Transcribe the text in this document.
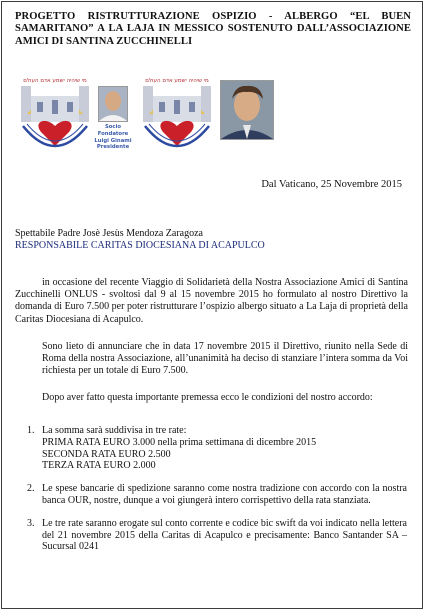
PROGETTO RISTRUTTURAZIONE OSPIZIO - ALBERGO “EL BUEN SAMARITANO” A LA LAJA IN MESSICO SOSTENUTO DALL’ASSOCIAZIONE AMICI DI SANTINA ZUCCHINELLI
מי שיהיה ישמע אדם העולם
Socio Fondatore
Luigi Ginami
Presidente
מי שיהיה ישמע אדם העולם
Dal Vaticano, 25 Novembre 2015
Spettabile Padre Josè Jesùs Mendoza Zaragoza
RESPONSABILE CARITAS DIOCESIANA DI ACAPULCO
in occasione del recente Viaggio di Solidarietà della Nostra Associazione Amici di Santina Zucchinelli ONLUS - svoltosi dal 9 al 15 novembre 2015 ho formulato al nostro Direttivo la domanda di Euro 7.500 per poter ristrutturare l’ospizio albergo situato a La Laja di proprietà della Caritas Diocesiana di Acapulco.
Sono lieto di annunciare che in data 17 novembre 2015 il Direttivo, riunito nella Sede di Roma della nostra Associazione, all’unanimità ha deciso di stanziare l’intera somma da Voi richiesta per un totale di Euro 7.500.
Dopo aver fatto questa importante premessa ecco le condizioni del nostro accordo:
1. La somma sarà suddivisa in tre rate:
PRIMA RATA EURO 3.000 nella prima settimana di dicembre 2015
SECONDA RATA EURO 2.500
TERZA RATA EURO 2.000
2. Le spese bancarie di spedizione saranno come nostra tradizione con accordo con la nostra banca OUR, nostre, dunque a voi giungerà intero corrispettivo della rata stanziata.
3. Le tre rate saranno erogate sul conto corrente e codice bic swift da voi indicato nella lettera del 21 novembre 2015 della Caritas di Acapulco e precisamente: Banco Santander SA – Sucursal 0241
